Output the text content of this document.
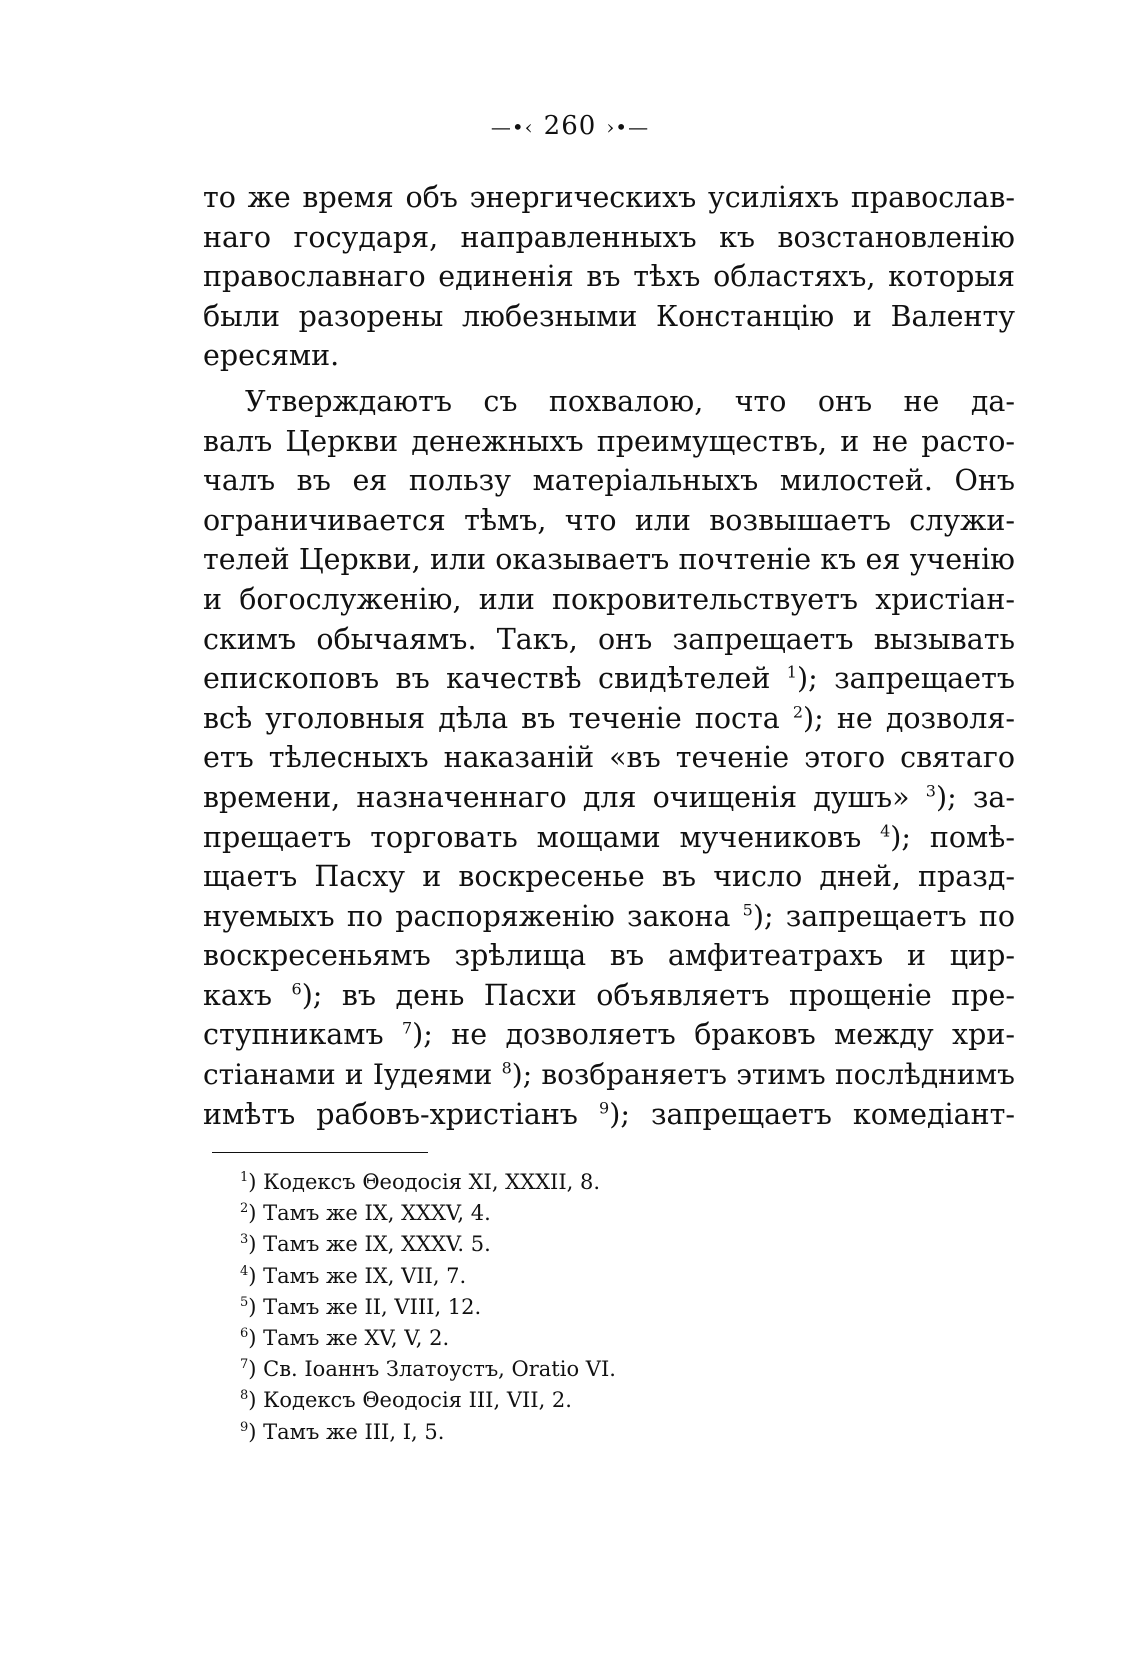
—•‹ 260 ›•—
то же время объ энергическихъ усиліяхъ православ-
наго государя, направленныхъ къ возстановленію
православнаго единенія въ тѣхъ областяхъ, которыя
были разорены любезными Констанцію и Валенту
ересями.
Утверждаютъ съ похвалою, что онъ не да-
валъ Церкви денежныхъ преимуществъ, и не расто-
чалъ въ ея пользу матеріальныхъ милостей. Онъ
ограничивается тѣмъ, что или возвышаетъ служи-
телей Церкви, или оказываетъ почтеніе къ ея ученію
и богослуженію, или покровительствуетъ христіан-
скимъ обычаямъ. Такъ, онъ запрещаетъ вызывать
епископовъ въ качествѣ свидѣтелей $^1$); запрещаетъ
всѣ уголовныя дѣла въ теченіе поста $^2$); не дозволя-
етъ тѣлесныхъ наказаній «въ теченіе этого святаго
времени, назначеннаго для очищенія душъ» $^3$); за-
прещаетъ торговать мощами мучениковъ $^4$); помѣ-
щаетъ Пасху и воскресенье въ число дней, празд-
нуемыхъ по распоряженію закона $^5$); запрещаетъ по
воскресеньямъ зрѣлища въ амфитеатрахъ и цир-
кахъ $^6$); въ день Пасхи объявляетъ прощеніе пре-
ступникамъ $^7$); не дозволяетъ браковъ между хри-
стіанами и Іудеями $^8$); возбраняетъ этимъ послѣднимъ
имѣтъ рабовъ-христіанъ $^9$); запрещаетъ комедіант-
$^1$) Кодексъ Θеодосія XI, XXXII, 8.
$^2$) Тамъ же IX, XXXV, 4.
$^3$) Тамъ же IX, XXXV. 5.
$^4$) Тамъ же IX, VII, 7.
$^5$) Тамъ же II, VIII, 12.
$^6$) Тамъ же XV, V, 2.
$^7$) Св. Іоаннъ Златоустъ, Oratio VI.
$^8$) Кодексъ Θеодосія III, VII, 2.
$^9$) Тамъ же III, I, 5.
